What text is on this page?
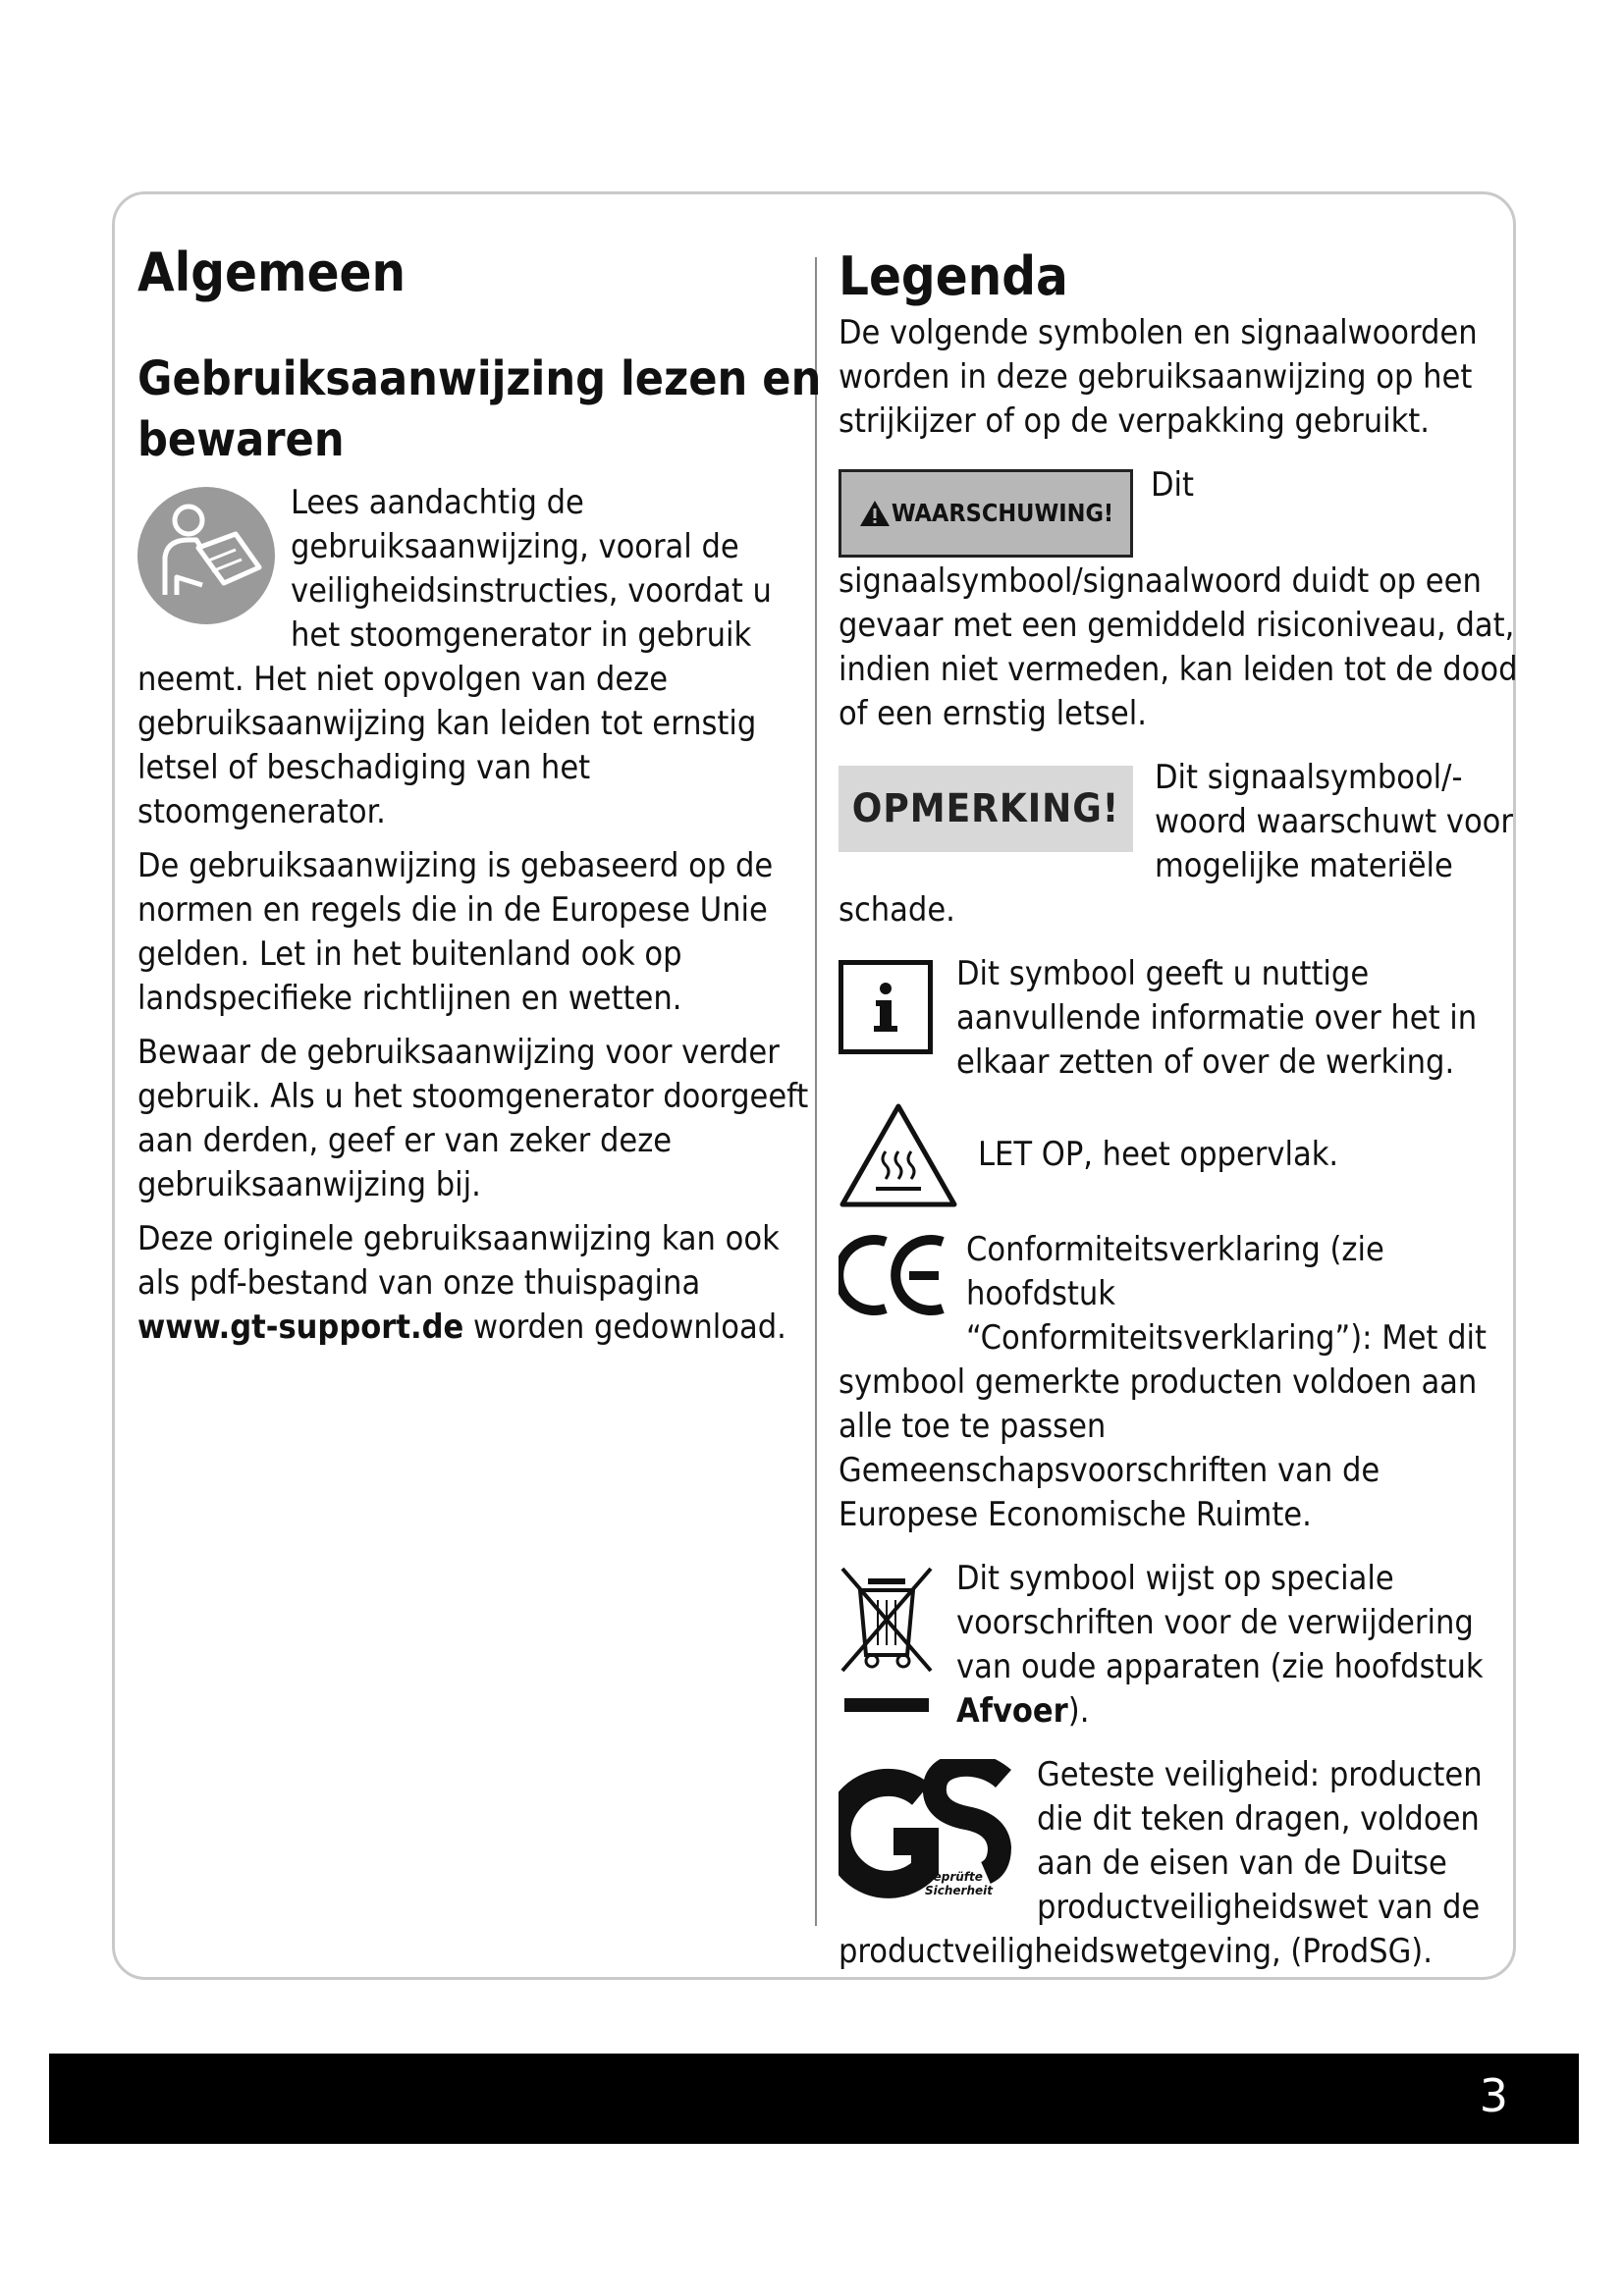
Algemeen
Gebruiksaanwijzing lezen en bewaren

Lees aandachtig de gebruiksaanwijzing, vooral de veiligheidsinstructies, voordat u het stoomgenerator in gebruik neemt. Het niet opvolgen van deze gebruiksaanwijzing kan leiden tot ernstig letsel of beschadiging van het stoomgenerator.

De gebruiksaanwijzing is gebaseerd op de normen en regels die in de Europese Unie gelden. Let in het buitenland ook op landspecifieke richtlijnen en wetten.

Bewaar de gebruiksaanwijzing voor verder gebruik. Als u het stoomgenerator doorgeeft aan derden, geef er van zeker deze gebruiksaanwijzing bij.

Deze originele gebruiksaanwijzing kan ook als pdf-bestand van onze thuispagina www.gt-support.de worden gedownload.

Legenda

De volgende symbolen en signaalwoorden worden in deze gebruiksaanwijzing op het strijkijzer of op de verpakking gebruikt.

WAARSCHUWING!

Dit signaalsymbool/signaalwoord duidt op een gevaar met een gemiddeld risiconiveau, dat, indien niet vermeden, kan leiden tot de dood of een ernstig letsel.

OPMERKING!

Dit signaalsymbool/-woord waarschuwt voor mogelijke materiële schade.

Dit symbool geeft u nuttige aanvullende informatie over het in elkaar zetten of over de werking.

LET OP, heet oppervlak.

Conformiteitsverklaring (zie hoofdstuk “Conformiteitsverklaring”): Met dit symbool gemerkte producten voldoen aan alle toe te passen Gemeenschapsvoorschriften van de Europese Economische Ruimte.

Dit symbool wijst op speciale voorschriften voor de verwijdering van oude apparaten (zie hoofdstuk Afvoer).

geprüfte
Sicherheit

Geteste veiligheid: producten die dit teken dragen, voldoen aan de eisen van de Duitse productveiligheidswet van de productveiligheidswetgeving, (ProdSG).

3
